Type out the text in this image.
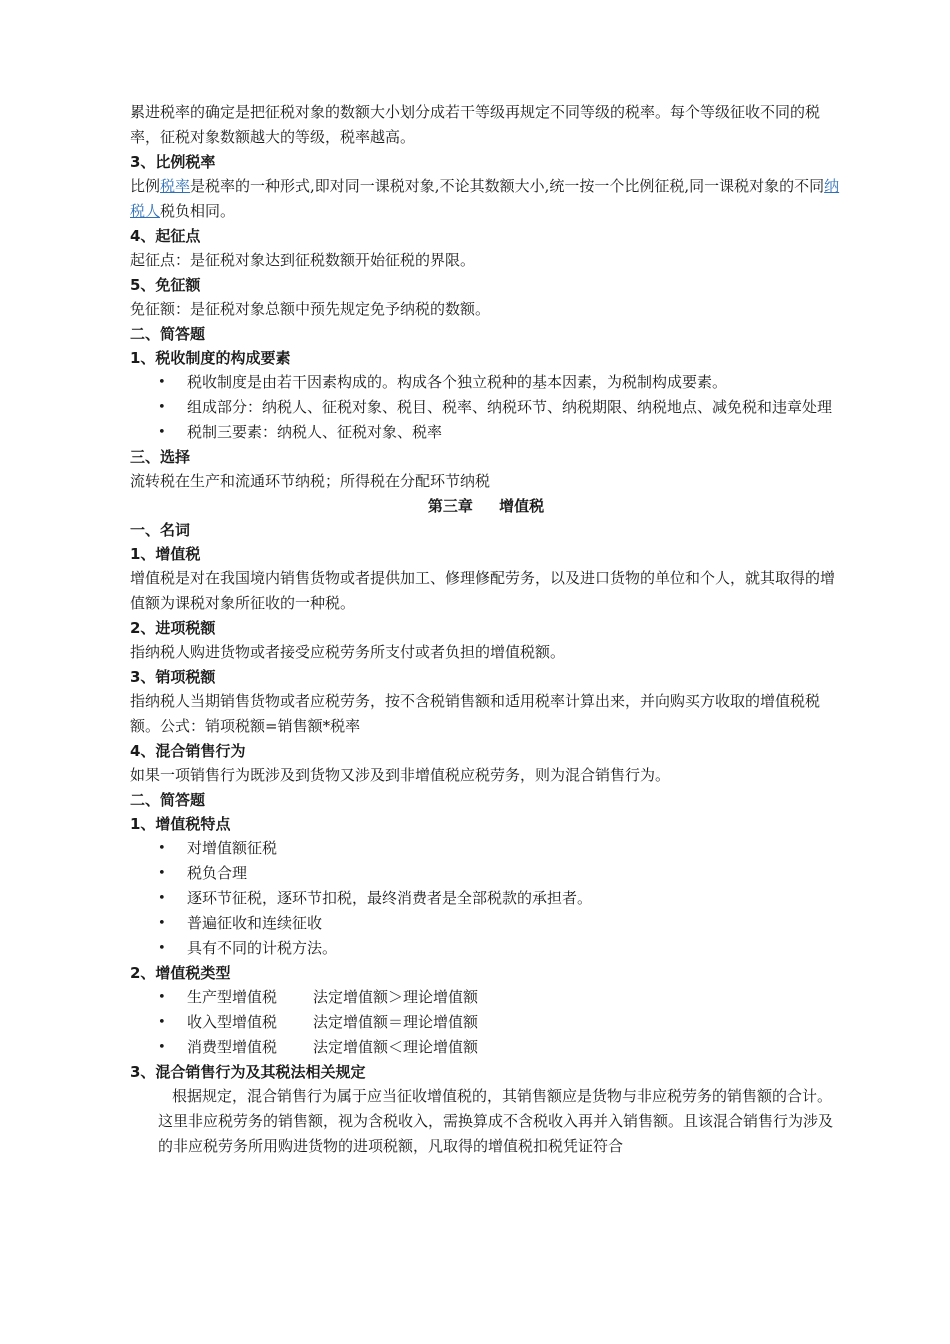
累进税率的确定是把征税对象的数额大小划分成若干等级再规定不同等级的税率。每个等级征收不同的税率，征税对象数额越大的等级，税率越高。

3、比例税率

比例税率是税率的一种形式,即对同一课税对象,不论其数额大小,统一按一个比例征税,同一课税对象的不同纳税人税负相同。

4、起征点

起征点：是征税对象达到征税数额开始征税的界限。

5、免征额

免征额：是征税对象总额中预先规定免予纳税的数额。

二、简答题

1、税收制度的构成要素

• 税收制度是由若干因素构成的。构成各个独立税种的基本因素，为税制构成要素。
• 组成部分：纳税人、征税对象、税目、税率、纳税环节、纳税期限、纳税地点、减免税和违章处理
• 税制三要素：纳税人、征税对象、税率

三、选择

流转税在生产和流通环节纳税；所得税在分配环节纳税

第三章　 增值税

一、名词

1、增值税

增值税是对在我国境内销售货物或者提供加工、修理修配劳务，以及进口货物的单位和个人，就其取得的增值额为课税对象所征收的一种税。

2、进项税额

指纳税人购进货物或者接受应税劳务所支付或者负担的增值税额。

3、销项税额

指纳税人当期销售货物或者应税劳务，按不含税销售额和适用税率计算出来，并向购买方收取的增值税税额。公式：销项税额=销售额*税率

4、混合销售行为

如果一项销售行为既涉及到货物又涉及到非增值税应税劳务，则为混合销售行为。

二、简答题

1、增值税特点

• 对增值额征税
• 税负合理
• 逐环节征税，逐环节扣税，最终消费者是全部税款的承担者。
• 普遍征收和连续征收
• 具有不同的计税方法。

2、增值税类型

• 生产型增值税 法定增值额＞理论增值额
• 收入型增值税 法定增值额＝理论增值额
• 消费型增值税 法定增值额＜理论增值额

3、混合销售行为及其税法相关规定

根据规定，混合销售行为属于应当征收增值税的，其销售额应是货物与非应税劳务的销售额的合计。这里非应税劳务的销售额，视为含税收入，需换算成不含税收入再并入销售额。且该混合销售行为涉及的非应税劳务所用购进货物的进项税额，凡取得的增值税扣税凭证符合
